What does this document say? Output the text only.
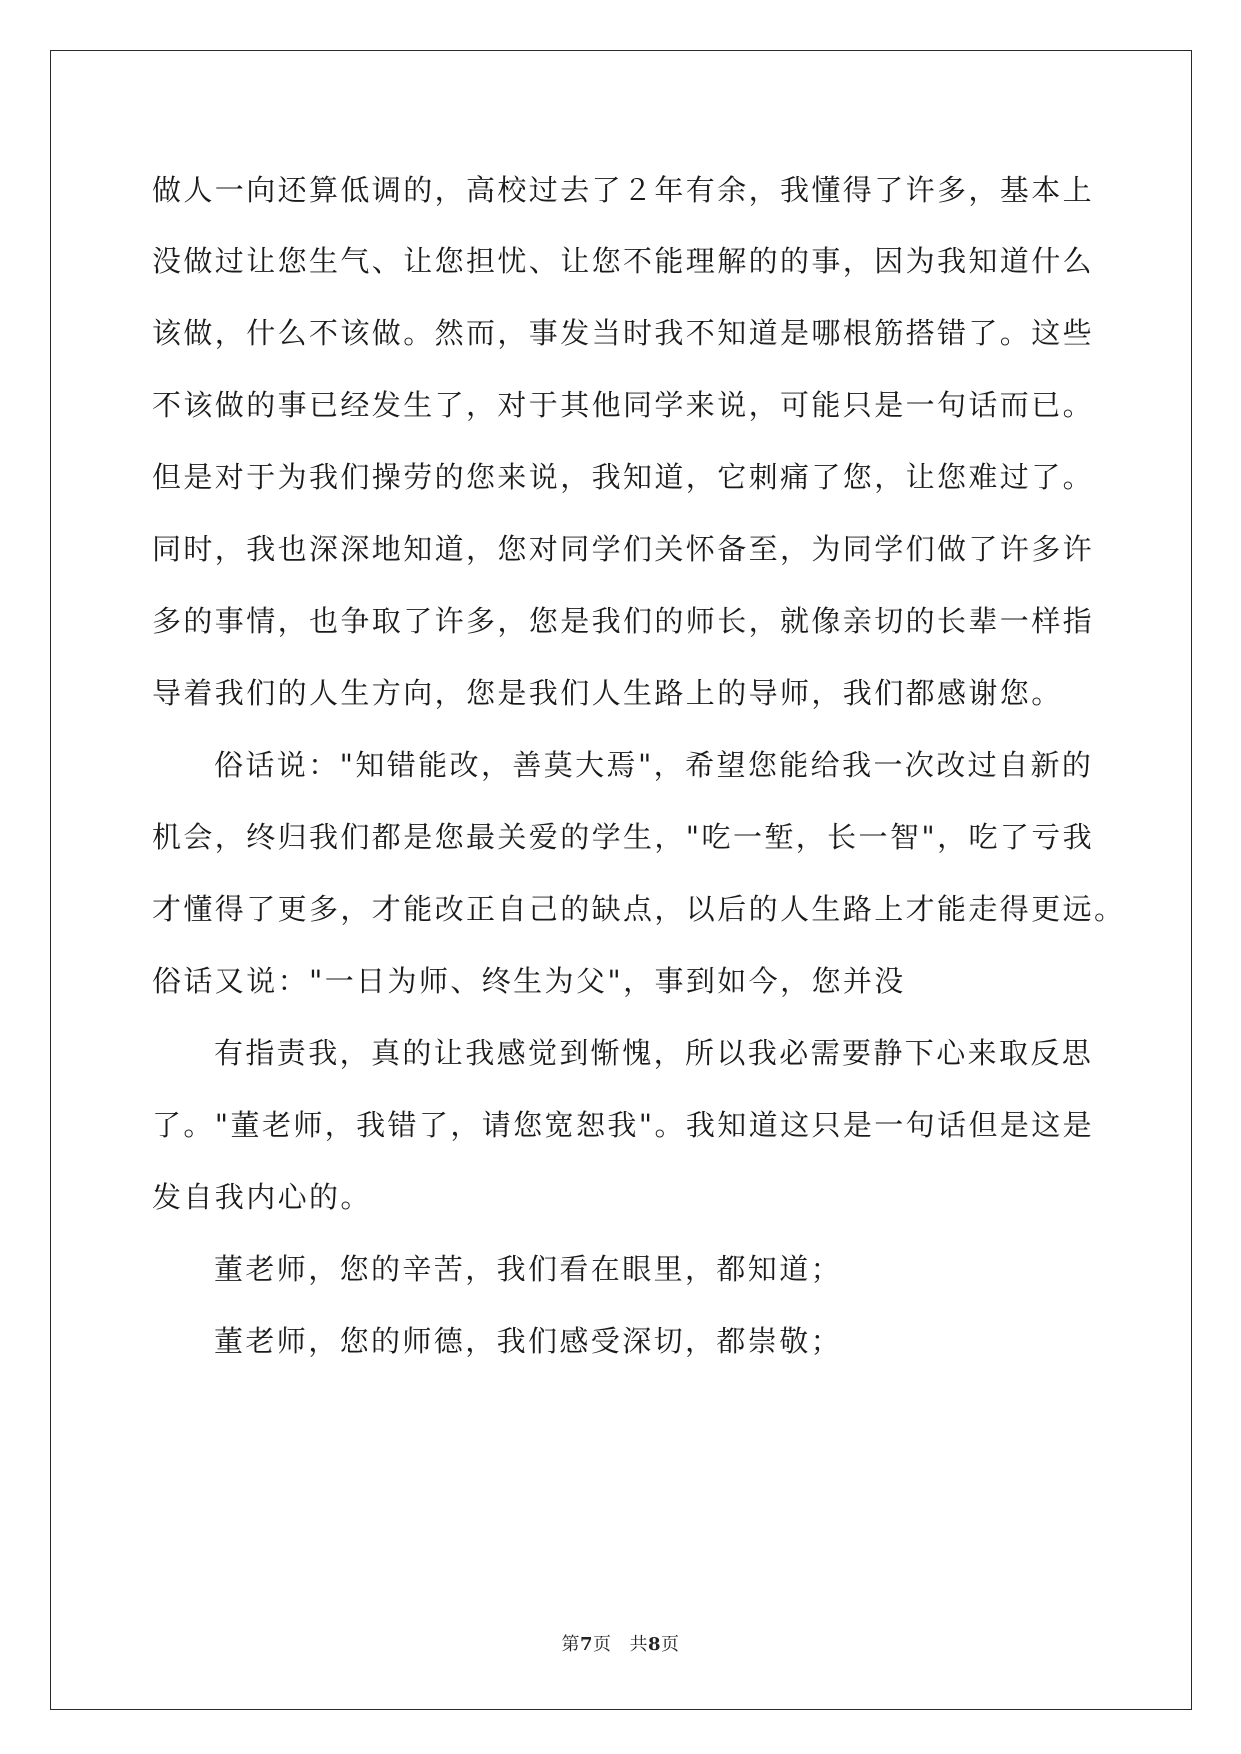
做人一向还算低调的，高校过去了２年有余，我懂得了许多，基本上
没做过让您生气、让您担忧、让您不能理解的的事，因为我知道什么
该做，什么不该做。然而，事发当时我不知道是哪根筋搭错了。这些
不该做的事已经发生了，对于其他同学来说，可能只是一句话而已。
但是对于为我们操劳的您来说，我知道，它刺痛了您，让您难过了。
同时，我也深深地知道，您对同学们关怀备至，为同学们做了许多许
多的事情，也争取了许多，您是我们的师长，就像亲切的长辈一样指
导着我们的人生方向，您是我们人生路上的导师，我们都感谢您。
俗话说："知错能改，善莫大焉"，希望您能给我一次改过自新的
机会，终归我们都是您最关爱的学生，"吃一堑，长一智"，吃了亏我
才懂得了更多，才能改正自己的缺点，以后的人生路上才能走得更远。
俗话又说："一日为师、终生为父"，事到如今，您并没
有指责我，真的让我感觉到惭愧，所以我必需要静下心来取反思
了。"董老师，我错了，请您宽恕我"。我知道这只是一句话但是这是
发自我内心的。
董老师，您的辛苦，我们看在眼里，都知道；
董老师，您的师德，我们感受深切，都崇敬；
第7页 共8页
